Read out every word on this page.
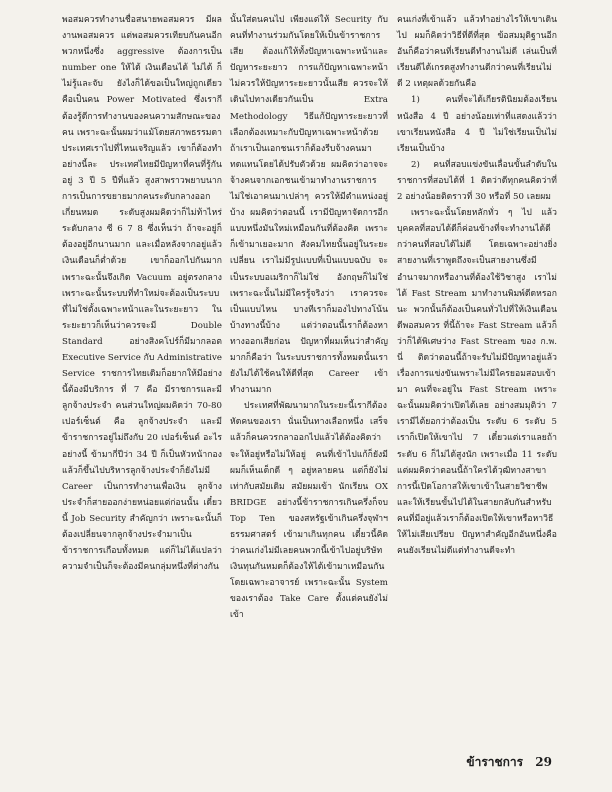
พอสมควรทำงานชื่อสนายพอสมควร มีผลงานพอสมควร แต่พอสมควรเทียบกันคนอีกพวกหนึ่งซึ่ง aggressive ต้องการเป็น number one ให้ได้ เงินเดือนได้ ไม่ได้ ก็ไม่รู้และจับ ยังไงก็ได้ขอเป็นใหญ่ถูกเดียว คือเป็นคน Power Motivated ซึ่งเรากีต้องรู้ดีการทำงานของคนความสักษณะของคน เพราะฉะนั้นผมว่าแม้โดยสภาพธรรมดาประเทศเราไปที่ไหนเจริญแล้ว เขาก็ต้องทำอย่างนี้ละ ประเทศไทยมีปัญหาที่คนที่รู้กันอยู่ 3 ปี 5 ปีที่แล้ว สูงสาพราวพยาบนาก การเป็นการขยายมากคนระดับกลางออกเกี่ยนหมด ระดับสูงผมคิดว่าก็ไม่ท้าไหร่ ระดับกลาง ซี 6 7 8 ซึ่งเห็นว่า ถ้าจะอยู่ก็ต้องอยู่อีกนานมาก และเมื่อหลังจากอยู่แล้วเงินเดือนก็ต่ำด้วย เขาก็ออกไปกันมากเพราะฉะนั้นจึงเกิด Vacuum อยู่ตรงกลาง เพราะฉะนั้นระบบที่ทำใหม่จะต้องเป็นระบบที่ไม่ใช่ตั้งเฉพาะหน้าและในระยะยาว ในระยะยาวก็เห็นว่าควรจะมี Double Standard อย่างสิงคโปร์ก็มีมากลอต Executive Service กับ Administrative Service ราชการไทยเดิมก็อยากให้มีอย่างนี้ต้องมีบริการ ที่ 7 คือ มีราชการและมีลูกจ้างประจำ คนส่วนใหญ่ผมคิดว่า 70-80 เปอร์เซ็นต์ คือ ลูกจ้างประจำ และมีข้าราชการอยู่ไม่ถึงกับ 20 เปอร์เซ็นต์ อะไรอย่างนี้ ข้ามากี่ปีว่า 34 ปี ก็เป็นหัวหน้ากองแล้วก็ขึ้นไปบริหารลูกจ้างประจำก็ยังไม่มี Career เป็นการทำงานเพื่อเงิน ลูกจ้างประจำก็สายออกง่ายหน่อยแต่ก่อนนั้น เดี๋ยวนี้ Job Security สำคัญกว่า เพราะฉะนั้นก็ต้องเปลี่ยนจากลูกจ้างประจำมาเป็นข้าราชการเกือบทั้งหมด แต่ก็ไม่ได้แปลว่าความจำเป็นก็จะต้องมีคนกลุ่มหนึ่งที่ต่างกัน

นั้นใส่ตนคนไป เพียงแต่ให้ Security กับคนที่ทำงานร่วมกันโดยให้เป็นข้าราชการเสีย ต้องแก้ให้ทั้งปัญหาเฉพาะหน้าและปัญหาระยะยาว การแก้ปัญหาเฉพาะหน้าไม่ควรให้ปัญหาระยะยาวนั้นเสีย ควรจะให้เดินไปทางเดียวกันเป็น Extra Methodology วิธีแก้ปัญหาระยะยาวที่เลือกต้องเหมาะกับปัญหาเฉพาะหน้าด้วย ถ้าเราเป็นเอกชนเราก็ต้องรีบจ้างคนมาทดแทนโดยได้ปรับตัวด้วย ผมคิดว่าอาจจะจ้างคนจากเอกชนเข้ามาทำงานราชการ ไม่ใช่เอาคนมาเปล่าๆ ควรให้มีตำแหน่งอยู่บ้าง ผมคิดว่าตอนนี้ เรามีปัญหาจัดการอีกแบบหนึ่งมันใหม่เหมือนกันที่ต้องคิด เพราะก็เข้ามาเยอะมาก สังคมไทยนั้นอยู่ในระยะเปลี่ยน เราไม่มีรูปแบบที่เป็นแบบฉบับ จะเป็นระบบอเมริกาก็ไม่ใช่ อังกฤษก็ไม่ใช่ เพราะฉะนั้นไม่มีใครรู้จริงว่า เราควรจะเป็นแบบไหน บางทีเราก็มองไปทางโน้นบ้างทางนี้บ้าง แต่ว่าตอนนี้เราก็ต้องหาทางออกเสียก่อน ปัญหาที่ผมเห็นว่าสำคัญมากก็คือว่า ในระบบราชการทั้งหมดนั้นเรายังไม่ได้ใช้คนให้ดีที่สุด Career เข้าทำงานมาก

ประเทศที่พัฒนามากในระยะนี้เรากีต้องหัดคนของเรา นั่นเป็นทางเลือกหนึ่ง เสร็จแล้วก็คนควรกลาออกไปแล้วได้ต้องคิดว่าจะให้อยู่หรือไม่ให้อยู่ คนที่เข้าไปแก้ก็ยังมี ผมก็เห็นเด็กดี ๆ อยู่หลายคน แต่ก็ยังไม่เท่ากับสมัยเดิม สมัยผมเข้า นักเรียน OX BRIDGE อย่างนี้ข้าราชการเกินครึ่งก็จบ Top Ten ของสหรัฐเข้าเกินครึ่งจุฬาฯ ธรรมศาสตร์ เข้ามาเกินทุกคน เดี๋ยวนี้คิดว่าคนเก่งไม่มีเลยคนพวกนี้เข้าไปอยู่บริษัทเงินทุนกันหมดก็ต้องให้ได้เข้ามาเหมือนกันโดยเฉพาะอาจารย์ เพราะฉะนั้น System ของเราต้อง Take Care ตั้งแต่คนยังไม่เข้า

คนเก่งที่เข้าแล้ว แล้วทำอย่างไรให้เขาเดินไป ผมก็คิดว่าวิธีที่ดีที่สุด ข้อสมมุติฐานอีกอันก็คือว่าคนที่เรียนดีทำงานไม่ดี เล่นเป็นที่เรียนดีได้เกรดสูงทำงานดีกว่าคนที่เรียนไม่ดี 2 เหตุผลด้วยกันคือ

1) คนที่จะได้เกียรตินิยมต้องเรียนหนังสือ 4 ปี อย่างน้อยเท่าที่แสดงแล้วว่า เขาเรียนหนังสือ 4 ปี ไม่ใช่เรียนเป็นไม่เรียนเป็นบ้าง

2) คนที่สอบแข่งขันเลื่อนขั้นลำดับในราชการที่สอบได้ที่ 1 ติดว่าดีทุกคนคิดว่าที่ 2 อย่างน้อยติดราวที่ 30 หรือที่ 50 เลยผม

เพราะฉะนั้นโดยหลักทั่ว ๆ ไป แล้ว บุคคลที่สอบได้ดีก็ค่อนข้างที่จะทำงานได้ดีกว่าคนที่สอบได้ไม่ดี โดยเฉพาะอย่างยิ่งสายงานที่เราพูดถึงจะเป็นสายงานซึ่งมีอำนาจมากหรืองานที่ต้องใช้วิชาสูง เราไม่ได้ Fast Stream มาทำงานพิมพ์ดีดหรอกนะ พวกนั้นก็ต้องเป็นคนทั่วไปที่ให้เงินเดือนดีพอสมควร ที่นี้ถ้าจะ Fast Stream แล้วก็ว่าก็ได้พิเศษว่าง Fast Stream ของ ก.พ. นี่ ติดว่าตอนนี้ถ้าจะรับไม่มีปัญหาอยู่แล้วเรื่องการแข่งขันเพราะไม่มีใครยอมสอบเข้ามา คนที่จะอยู่ใน Fast Stream เพราะฉะนั้นผมคิดว่าเปิดได้เลย อย่างสมมุติว่า 7 เรามีไต้ยอกว่าต้องเป็น ระดับ 6 ระดับ 5 เราก็เปิดให้เขาไป 7 เดี๋ยวแต่เราแลยถ้าระดับ 6 ก็ไม่ได้สูงนัก เพราะเมื่อ 11 ระดับ แต่ผมคิดว่าตอนนี้ถ้าใครได้วุฒิทางสาขาการนี้เปิดโอกาสให้เขาเข้าในสายวิชาชีพและให้เรียนขั้นไปได้ในสายกลับกันสำหรับคนที่มีอยู่แล้วเราก็ต้องเปิดให้เขาหรือหาวิธีให้ไม่เสียเปรียบ ปัญหาสำคัญอีกอันหนึ่งคือคนยังเรียนไม่ดีแต่ทำงานดีจะทำ

ข้าราชการ 29
